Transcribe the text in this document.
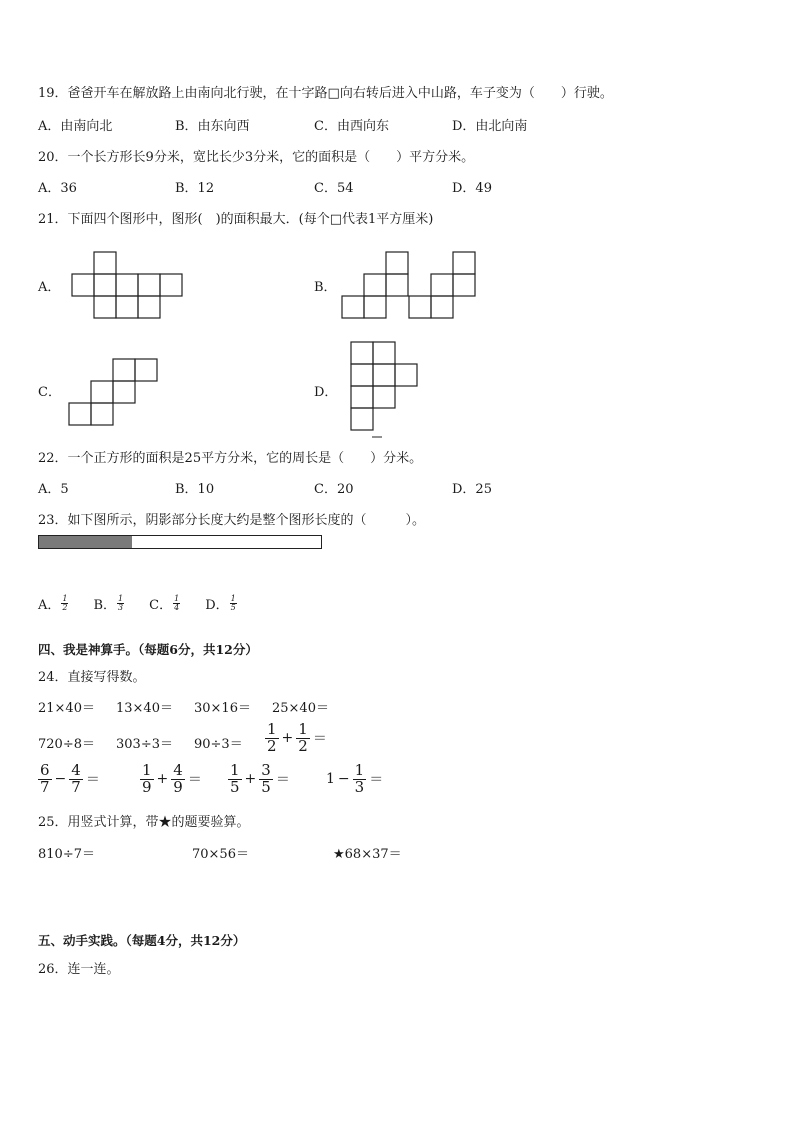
19．爸爸开车在解放路上由南向北行驶，在十字路□向右转后进入中山路，车子变为（　　）行驶。
A．由南向北	B．由东向西	C．由西向东	D．由北向南
20．一个长方形长9分米，宽比长少3分米，它的面积是（　　）平方分米。
A．36	B．12	C．54	D．49
21．下面四个图形中，图形(　)的面积最大．(每个□代表1平方厘米)
A．	B．
C．	D．
22．一个正方形的面积是25平方分米，它的周长是（　　）分米。
A．5	B．10	C．20	D．25
23．如下图所示，阴影部分长度大约是整个图形长度的（　　　）。
A． $\frac{1}{2}$ B． $\frac{1}{3}$ C． $\frac{1}{4}$ D． $\frac{1}{5}$
四、我是神算手。（每题6分，共12分）
24．直接写得数。
21×40＝ 13×40＝ 30×16＝ 25×40＝
$720\div 8= 303\div 3= 90\div 3= \frac{1}{2} + \frac{1}{2}$ ＝
$\frac{6}{7} - \frac{4}{7}$ ＝	$\frac{1}{9} + \frac{4}{9} = \frac{1}{5} + \frac{3}{5}$ ＝	$1 - \frac{1}{3}$ ＝
25．用竖式计算，带★的题要验算。
810÷7＝	70×56＝	★68×37＝
五、动手实践。（每题4分，共12分）
26．连一连。
